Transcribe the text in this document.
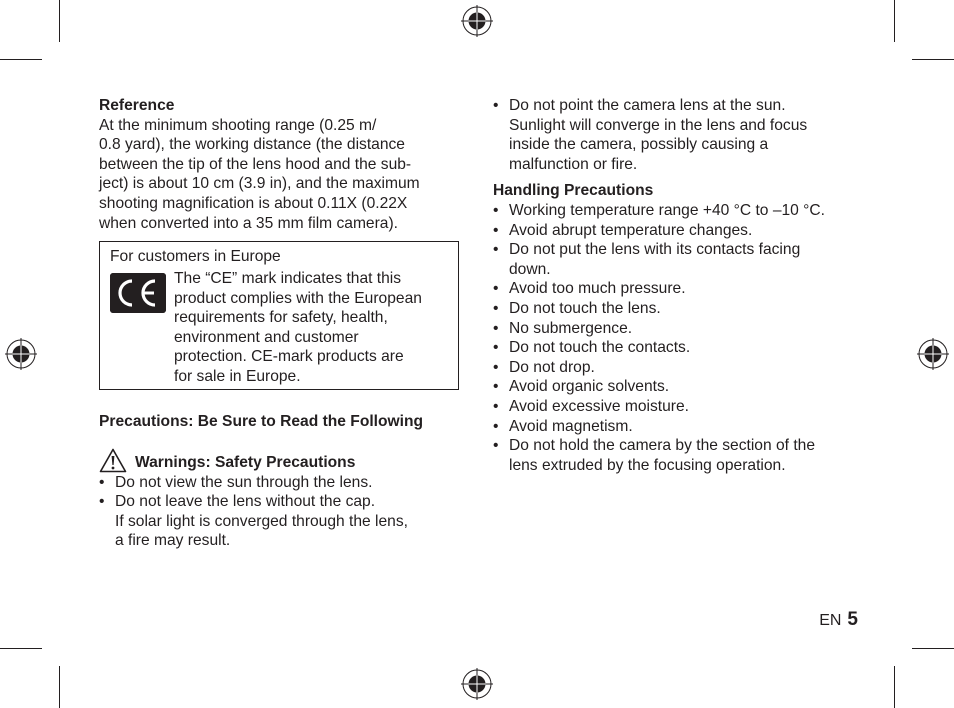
Reference

At the minimum shooting range (0.25 m/
0.8 yard), the working distance (the distance
between the tip of the lens hood and the sub-
ject) is about 10 cm (3.9 in), and the maximum
shooting magnification is about 0.11X (0.22X
when converted into a 35 mm film camera).

For customers in Europe
The “CE” mark indicates that this
product complies with the European
requirements for safety, health,
environment and customer
protection. CE-mark products are
for sale in Europe.
Precautions: Be Sure to Read the Following
Warnings: Safety Precautions
• Do not view the sun through the lens.
• Do not leave the lens without the cap.
If solar light is converged through the lens,
a fire may result.
• Do not point the camera lens at the sun.
Sunlight will converge in the lens and focus
inside the camera, possibly causing a
malfunction or fire.
Handling Precautions
• Working temperature range +40 °C to –10 °C.
• Avoid abrupt temperature changes.
• Do not put the lens with its contacts facing
down.
• Avoid too much pressure.
• Do not touch the lens.
• No submergence.
• Do not touch the contacts.
• Do not drop.
• Avoid organic solvents.
• Avoid excessive moisture.
• Avoid magnetism.
• Do not hold the camera by the section of the
lens extruded by the focusing operation.
EN 5
